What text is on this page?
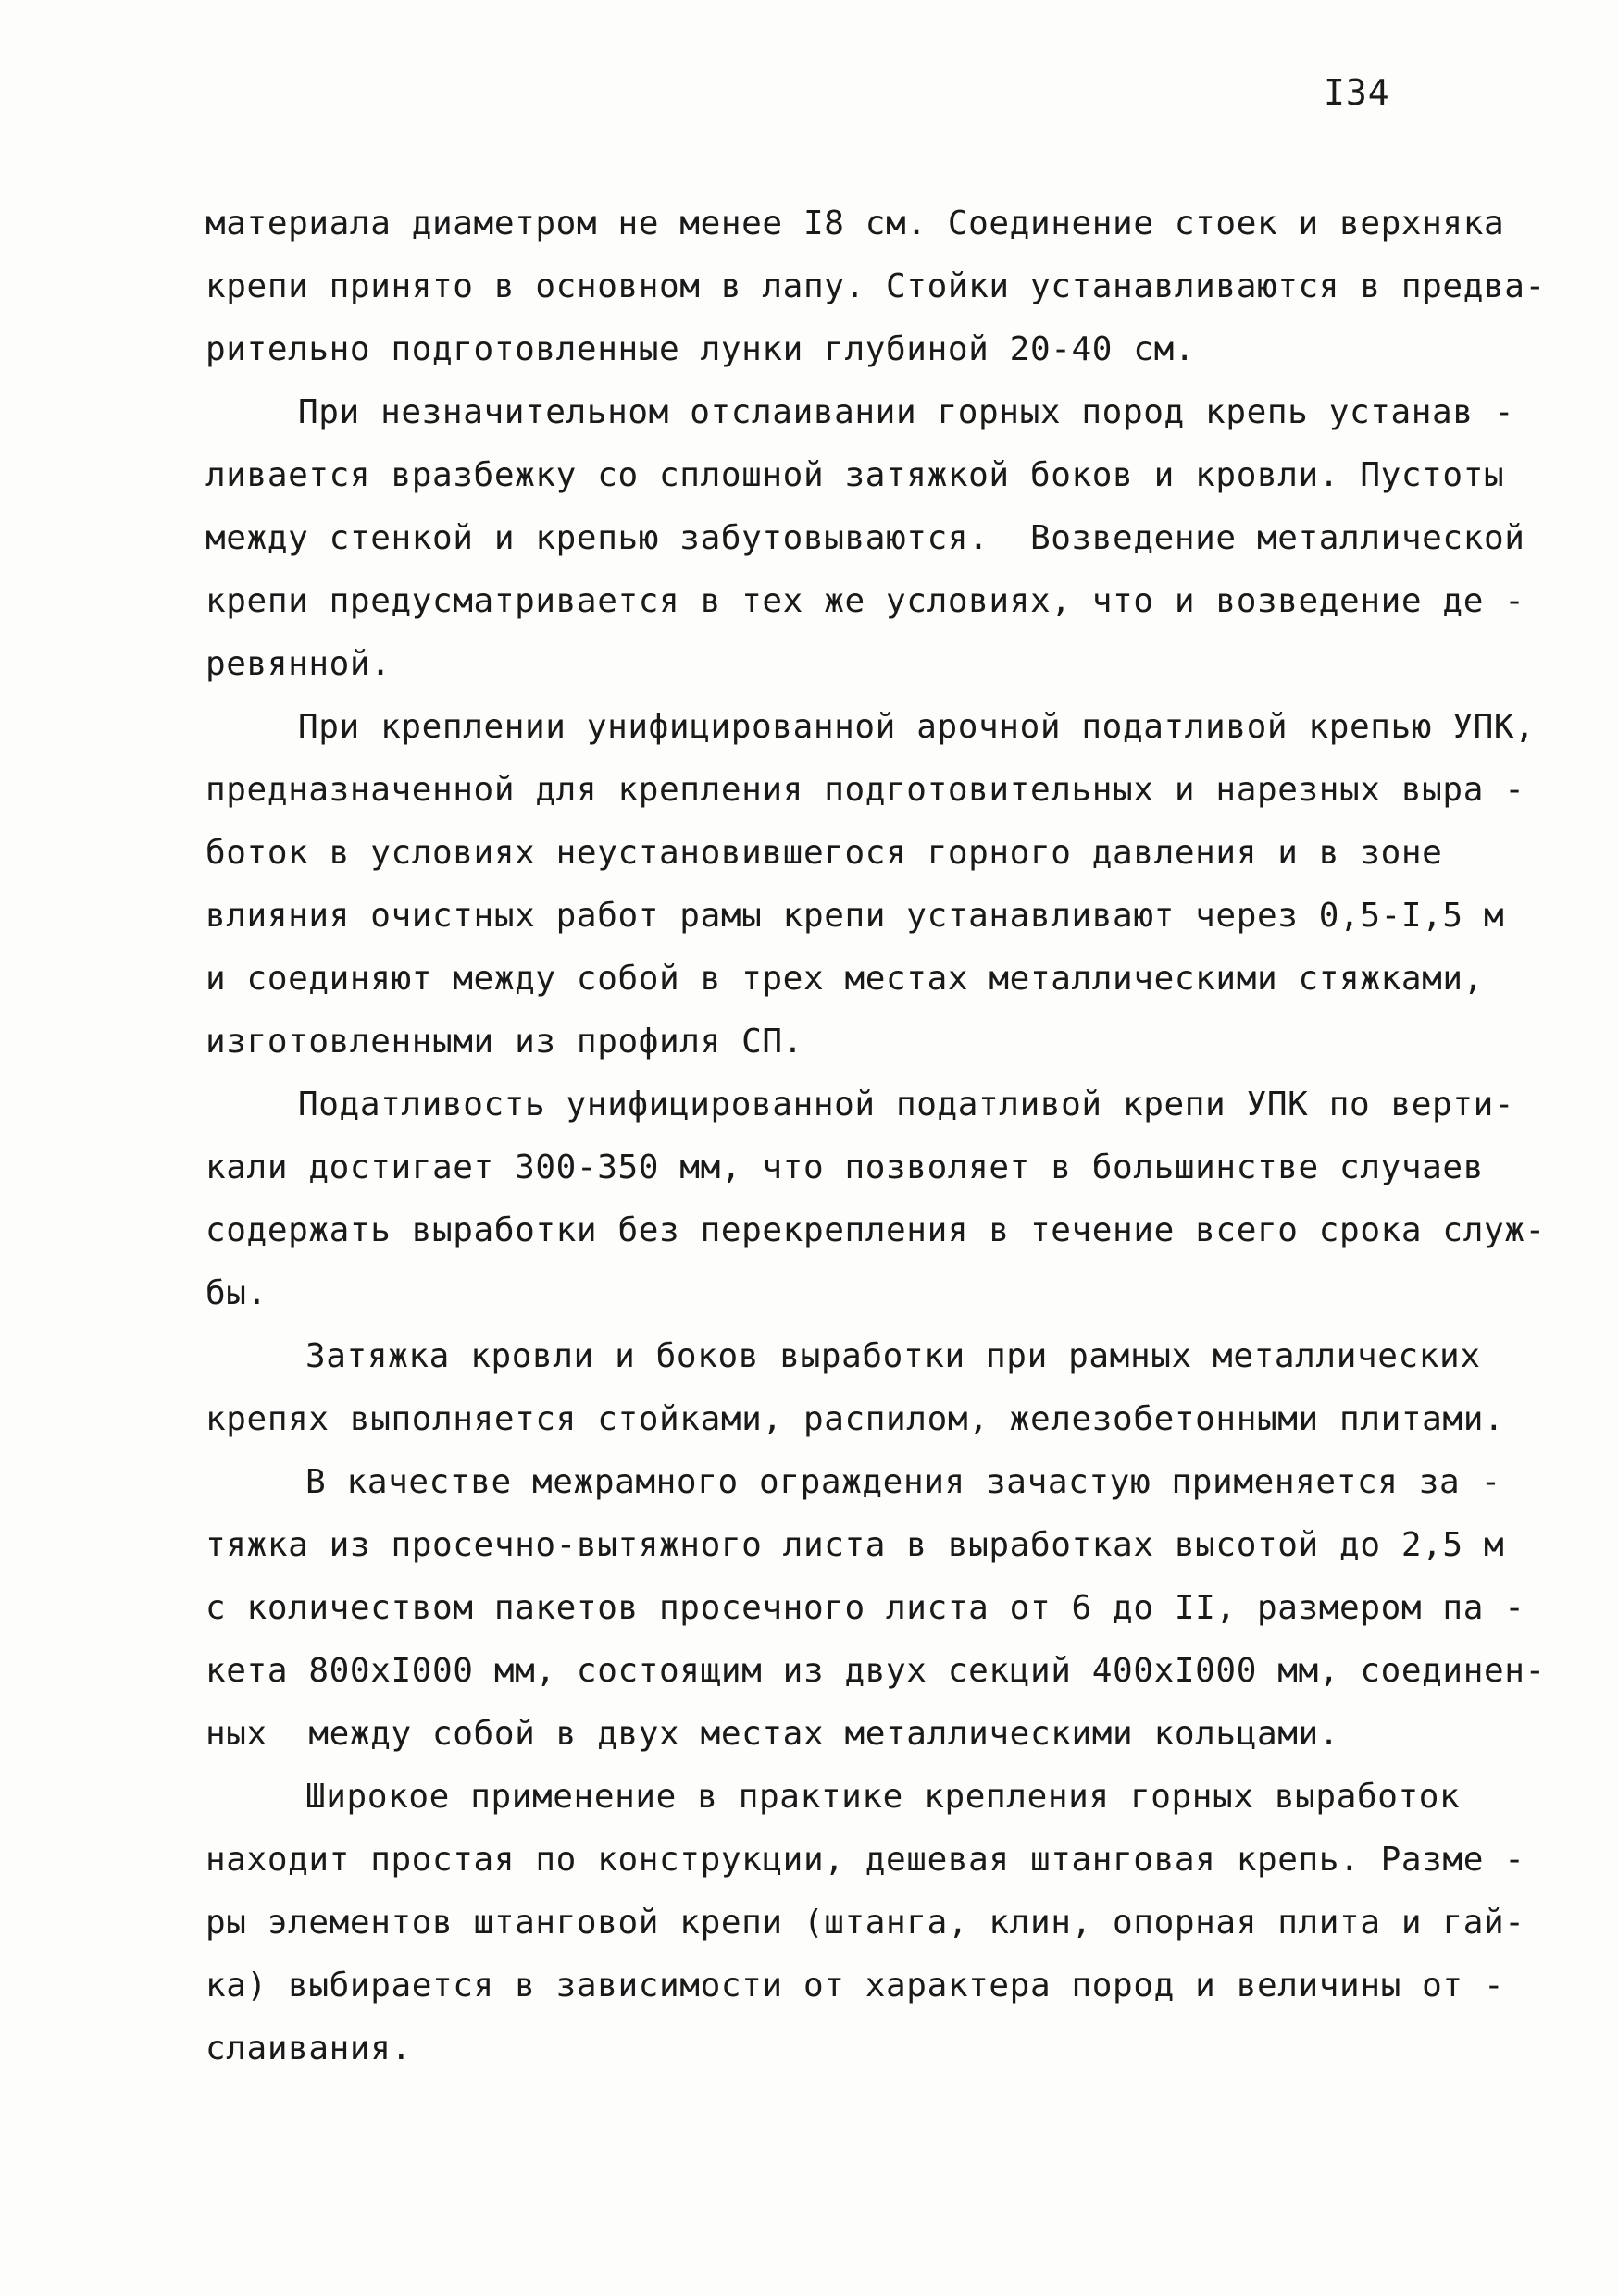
I34
материала диаметром не менее I8 см. Соединение стоек и верхняка
крепи принято в основном в лапу. Стойки устанавливаются в предва-
рительно подготовленные лунки глубиной 20-40 см.
При незначительном отслаивании горных пород крепь устанав -
ливается вразбежку со сплошной затяжкой боков и кровли. Пустоты
между стенкой и крепью забутовываются.  Возведение металлической
крепи предусматривается в тех же условиях, что и возведение де -
ревянной.
При креплении унифицированной арочной податливой крепью УПК,
предназначенной для крепления подготовительных и нарезных выра -
боток в условиях неустановившегося горного давления и в зоне
влияния очистных работ рамы крепи устанавливают через 0,5-I,5 м
и соединяют между собой в трех местах металлическими стяжками,
изготовленными из профиля СП.
Податливость унифицированной податливой крепи УПК по верти-
кали достигает 300-350 мм, что позволяет в большинстве случаев
содержать выработки без перекрепления в течение всего срока служ-
бы.
Затяжка кровли и боков выработки при рамных металлических
крепях выполняется стойками, распилом, железобетонными плитами.
В качестве межрамного ограждения зачастую применяется за -
тяжка из просечно-вытяжного листа в выработках высотой до 2,5 м
с количеством пакетов просечного листа от 6 до II, размером па -
кета 800хI000 мм, состоящим из двух секций 400хI000 мм, соединен-
ных  между собой в двух местах металлическими кольцами.
Широкое применение в практике крепления горных выработок
находит простая по конструкции, дешевая штанговая крепь. Разме -
ры элементов штанговой крепи (штанга, клин, опорная плита и гай-
ка) выбирается в зависимости от характера пород и величины от -
слаивания.
